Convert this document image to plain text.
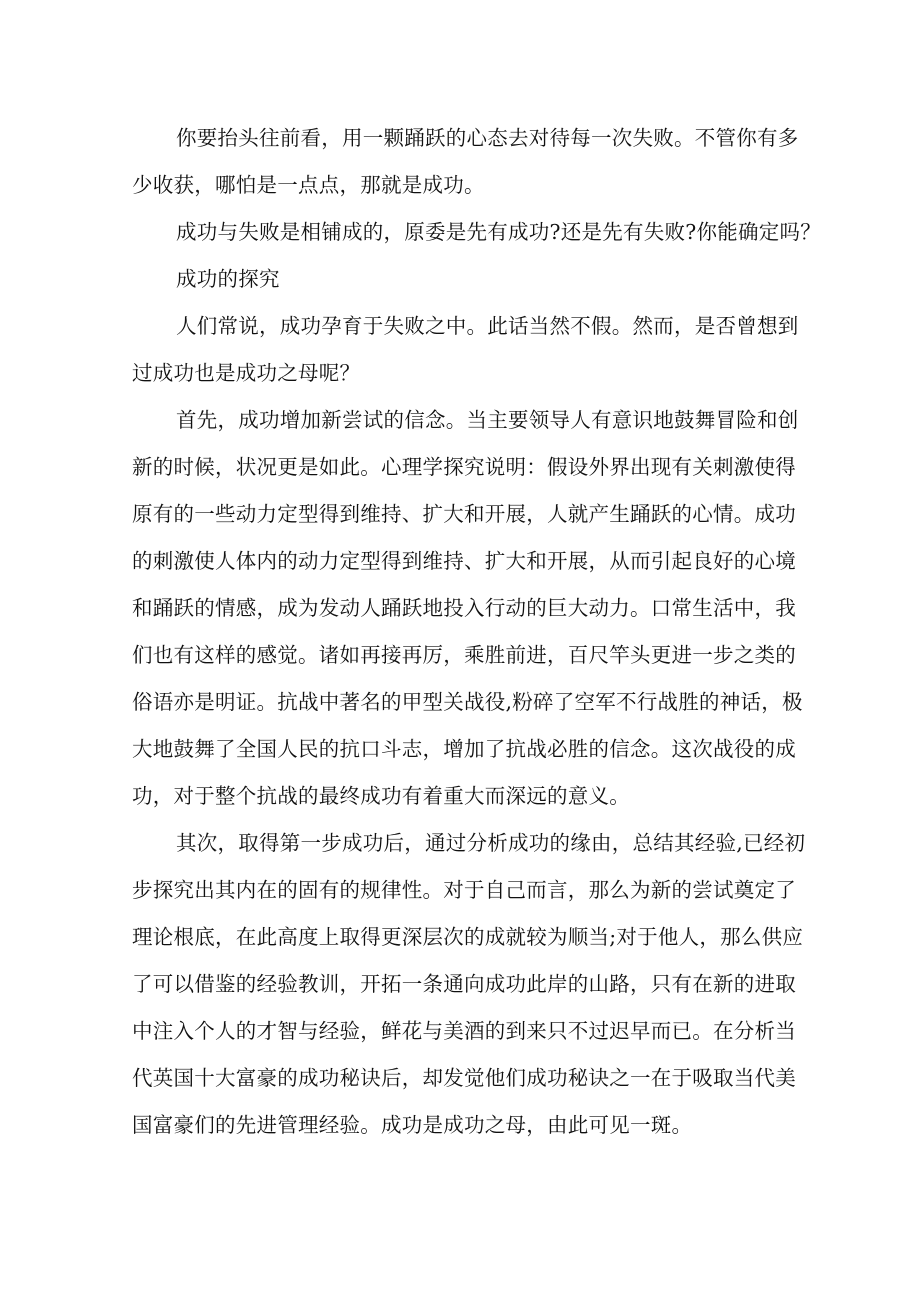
你要抬头往前看，用一颗踊跃的心态去对待每一次失败。不管你有多
少收获，哪怕是一点点，那就是成功。
成功与失败是相铺成的，原委是先有成功?还是先有失败?你能确定吗？
成功的探究
人们常说，成功孕育于失败之中。此话当然不假。然而，是否曾想到
过成功也是成功之母呢？
首先，成功增加新尝试的信念。当主要领导人有意识地鼓舞冒险和创
新的时候，状况更是如此。心理学探究说明：假设外界出现有关刺激使得
原有的一些动力定型得到维持、扩大和开展，人就产生踊跃的心情。成功
的刺激使人体内的动力定型得到维持、扩大和开展，从而引起良好的心境
和踊跃的情感，成为发动人踊跃地投入行动的巨大动力。口常生活中，我
们也有这样的感觉。诸如再接再厉，乘胜前进，百尺竿头更进一步之类的
俗语亦是明证。抗战中著名的甲型关战役,粉碎了空军不行战胜的神话，极
大地鼓舞了全国人民的抗口斗志，增加了抗战必胜的信念。这次战役的成
功，对于整个抗战的最终成功有着重大而深远的意义。
其次，取得第一步成功后，通过分析成功的缘由，总结其经验,已经初
步探究出其内在的固有的规律性。对于自己而言，那么为新的尝试奠定了
理论根底，在此高度上取得更深层次的成就较为顺当;对于他人，那么供应
了可以借鉴的经验教训，开拓一条通向成功此岸的山路，只有在新的进取
中注入个人的才智与经验，鲜花与美酒的到来只不过迟早而已。在分析当
代英国十大富豪的成功秘诀后，却发觉他们成功秘诀之一在于吸取当代美
国富豪们的先进管理经验。成功是成功之母，由此可见一斑。
